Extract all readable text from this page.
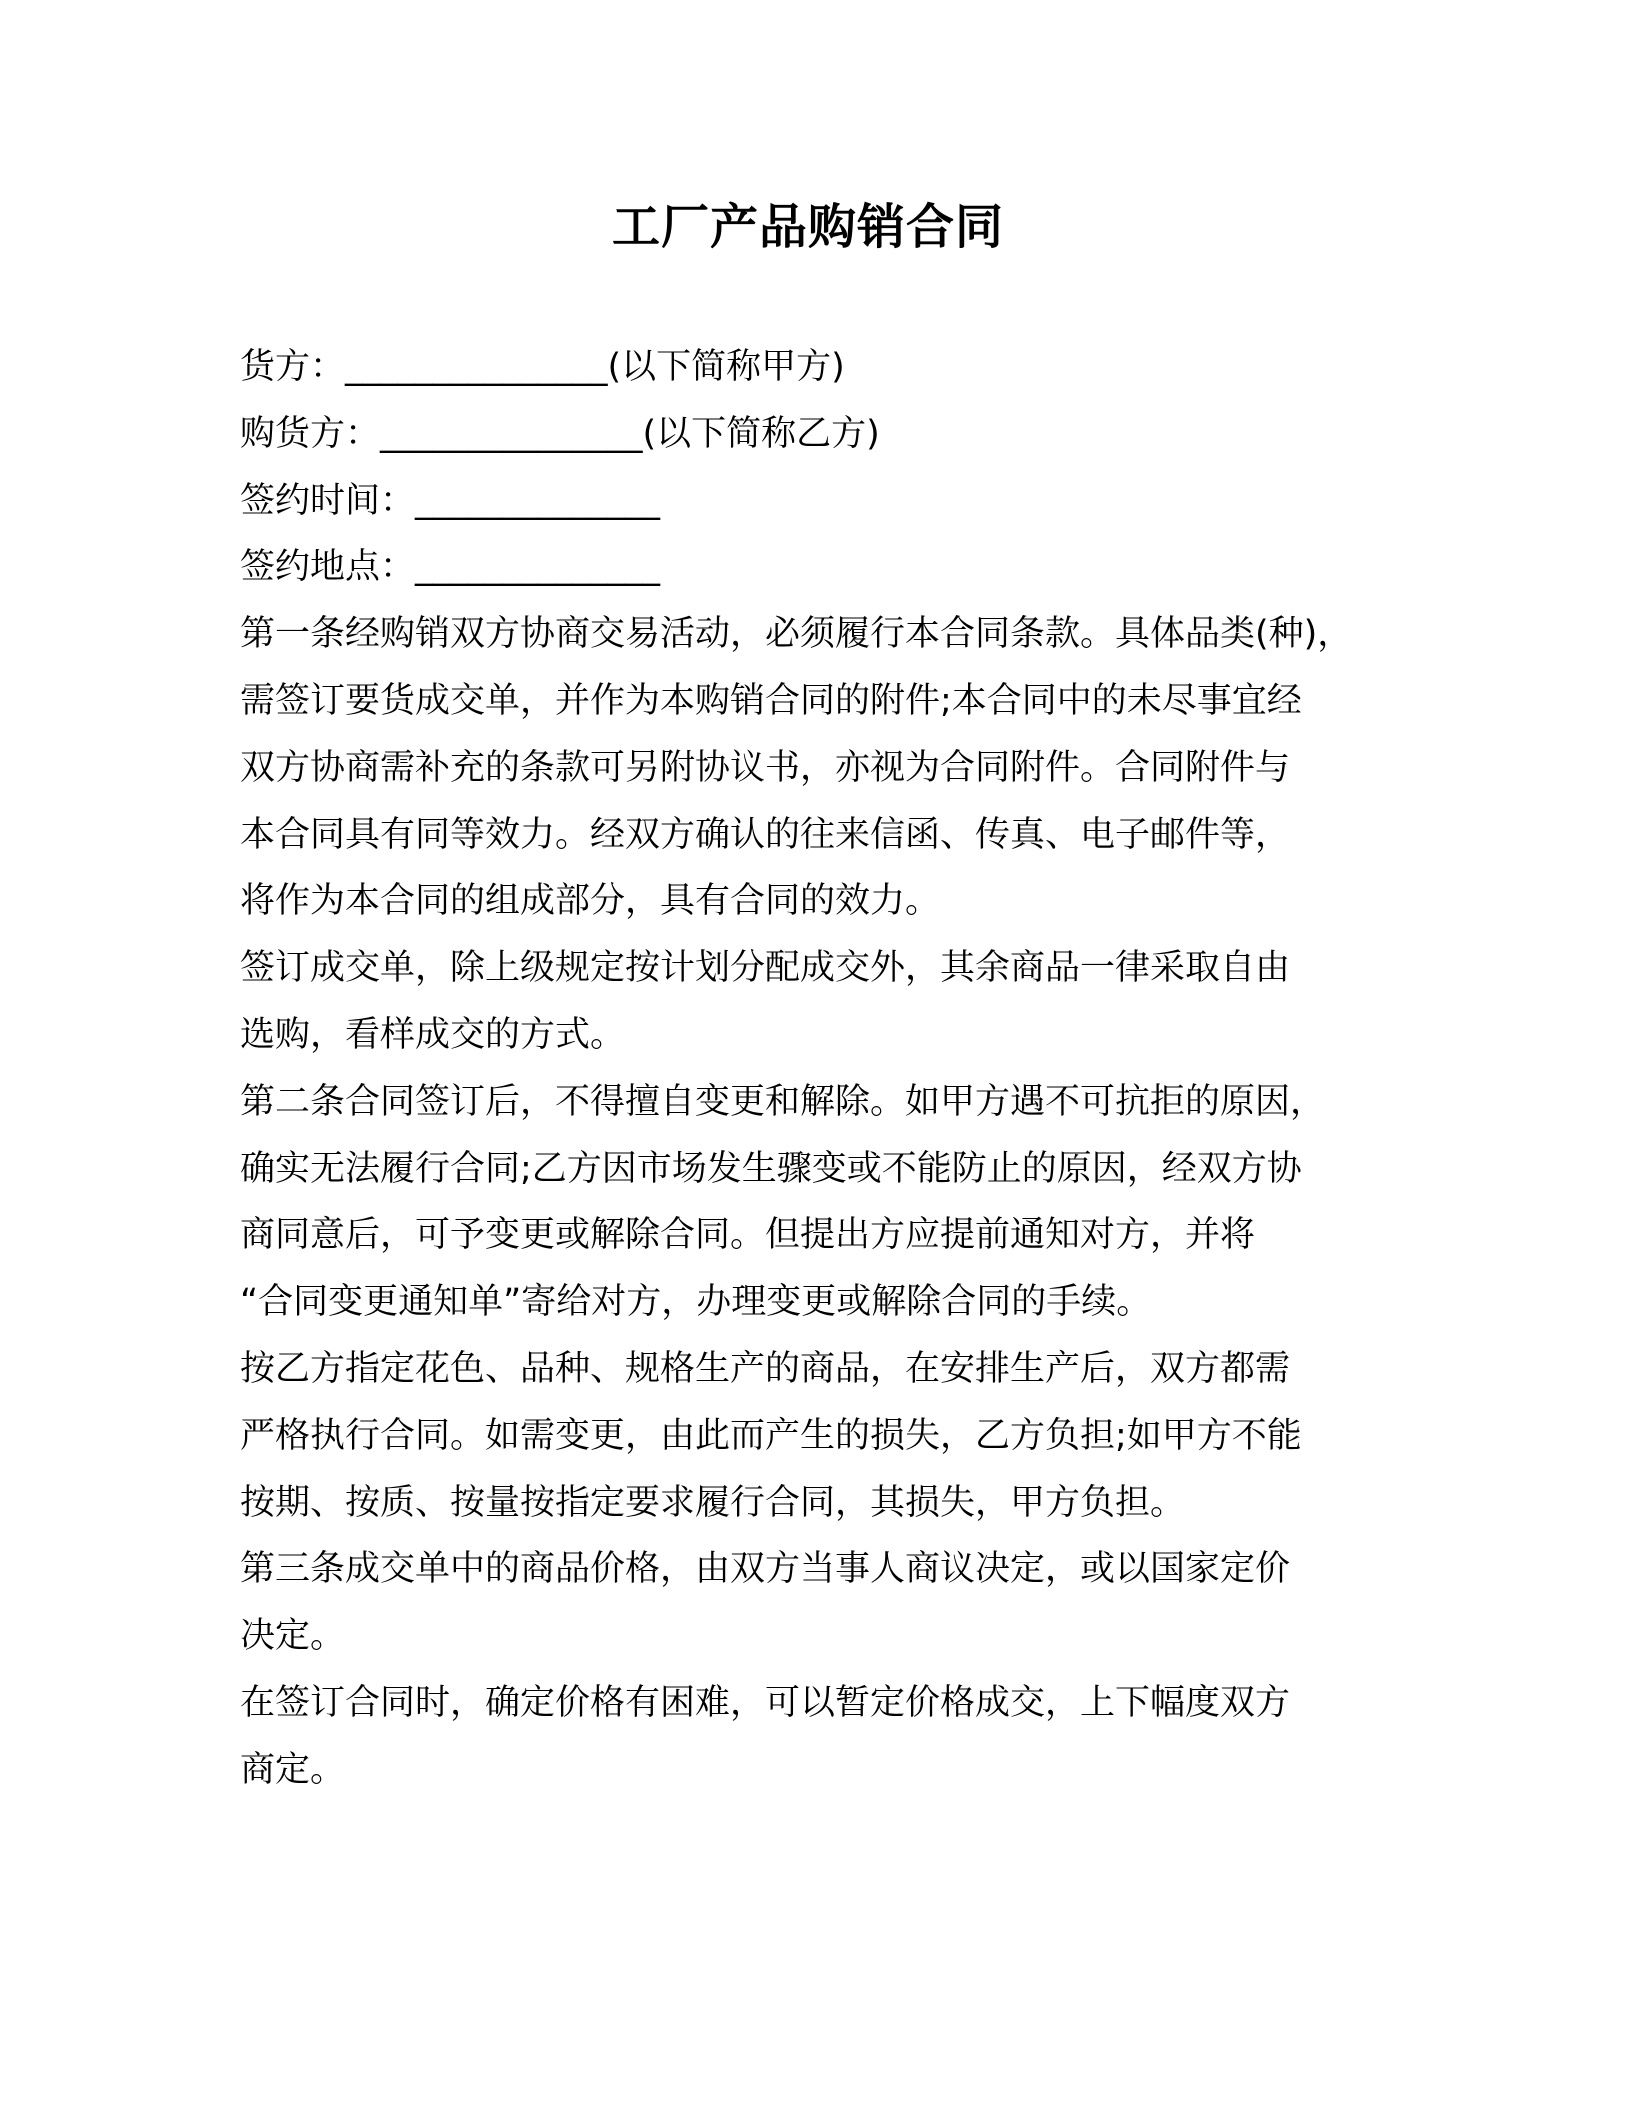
工厂产品购销合同
货方：_______________(以下简称甲方)
购货方：_______________(以下简称乙方)
签约时间：______________
签约地点：______________
第一条经购销双方协商交易活动，必须履行本合同条款。具体品类(种)，
需签订要货成交单，并作为本购销合同的附件;本合同中的未尽事宜经
双方协商需补充的条款可另附协议书，亦视为合同附件。合同附件与
本合同具有同等效力。经双方确认的往来信函、传真、电子邮件等，
将作为本合同的组成部分，具有合同的效力。
签订成交单，除上级规定按计划分配成交外，其余商品一律采取自由
选购，看样成交的方式。
第二条合同签订后，不得擅自变更和解除。如甲方遇不可抗拒的原因，
确实无法履行合同;乙方因市场发生骤变或不能防止的原因，经双方协
商同意后，可予变更或解除合同。但提出方应提前通知对方，并将
“合同变更通知单”寄给对方，办理变更或解除合同的手续。
按乙方指定花色、品种、规格生产的商品，在安排生产后，双方都需
严格执行合同。如需变更，由此而产生的损失，乙方负担;如甲方不能
按期、按质、按量按指定要求履行合同，其损失，甲方负担。
第三条成交单中的商品价格，由双方当事人商议决定，或以国家定价
决定。
在签订合同时，确定价格有困难，可以暂定价格成交，上下幅度双方
商定。
